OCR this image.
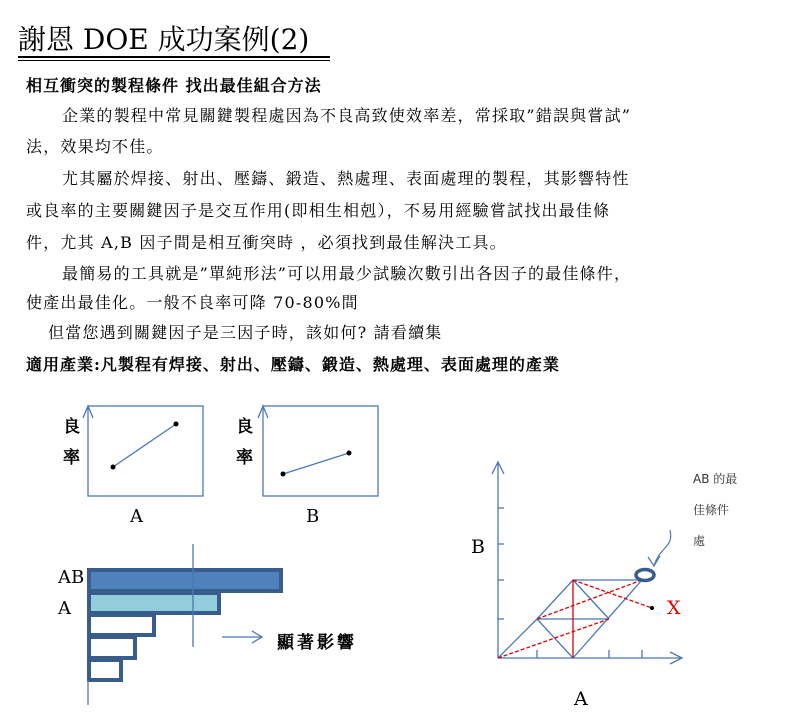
謝恩 DOE 成功案例(2)
相互衝突的製程條件 找出最佳組合方法
企業的製程中常見關鍵製程處因為不良高致使效率差，常採取”錯誤與嘗試”
法，效果均不佳。
尤其屬於焊接、射出、壓鑄、鍛造、熱處理、表面處理的製程，其影響特性
或良率的主要關鍵因子是交互作用(即相生相剋），不易用經驗嘗試找出最佳條
件，尤其 A,B 因子間是相互衝突時 ，必須找到最佳解決工具。
最簡易的工具就是”單純形法”可以用最少試驗次數引出各因子的最佳條件，
使產出最佳化。一般不良率可降 70-80%間
但當您遇到關鍵因子是三因子時，該如何? 請看續集
適用產業:凡製程有焊接、射出、壓鑄、鍛造、熱處理、表面處理的產業
良
率
良
率
A	B
AB
A
顯著影響
B
A
X
AB 的最
佳條件
處
